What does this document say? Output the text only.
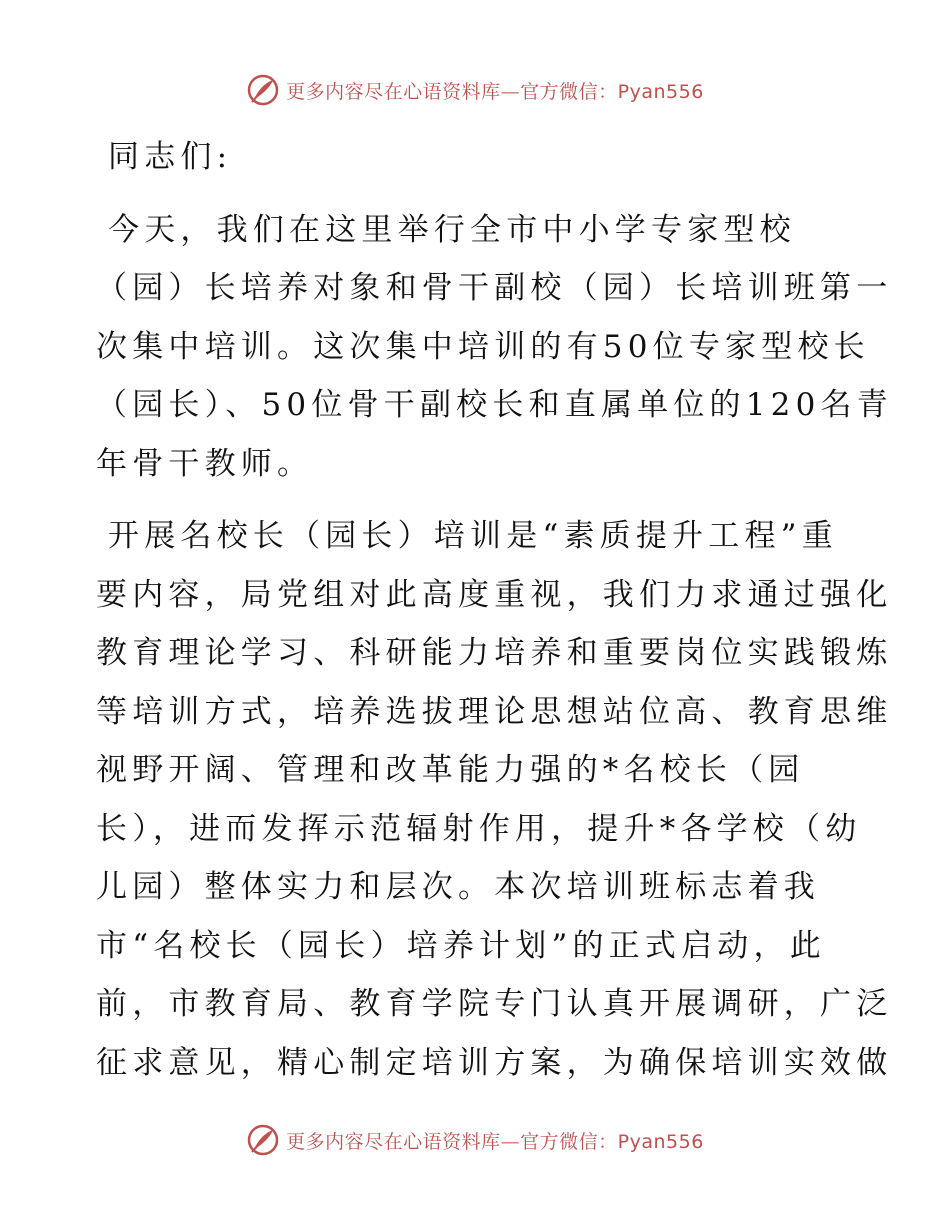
更多内容尽在心语资料库—官方微信：Pyan556
同志们:
今天，我们在这里举行全市中小学专家型校
（园）长培养对象和骨干副校（园）长培训班第一
次集中培训。这次集中培训的有50位专家型校长
（园长）、50位骨干副校长和直属单位的120名青
年骨干教师。
开展名校长（园长）培训是“素质提升工程”重
要内容，局党组对此高度重视，我们力求通过强化
教育理论学习、科研能力培养和重要岗位实践锻炼
等培训方式，培养选拔理论思想站位高、教育思维
视野开阔、管理和改革能力强的*名校长（园
长），进而发挥示范辐射作用，提升*各学校（幼
儿园）整体实力和层次。本次培训班标志着我
市“名校长（园长）培养计划”的正式启动，此
前，市教育局、教育学院专门认真开展调研，广泛
征求意见，精心制定培训方案，为确保培训实效做
更多内容尽在心语资料库—官方微信：Pyan556
